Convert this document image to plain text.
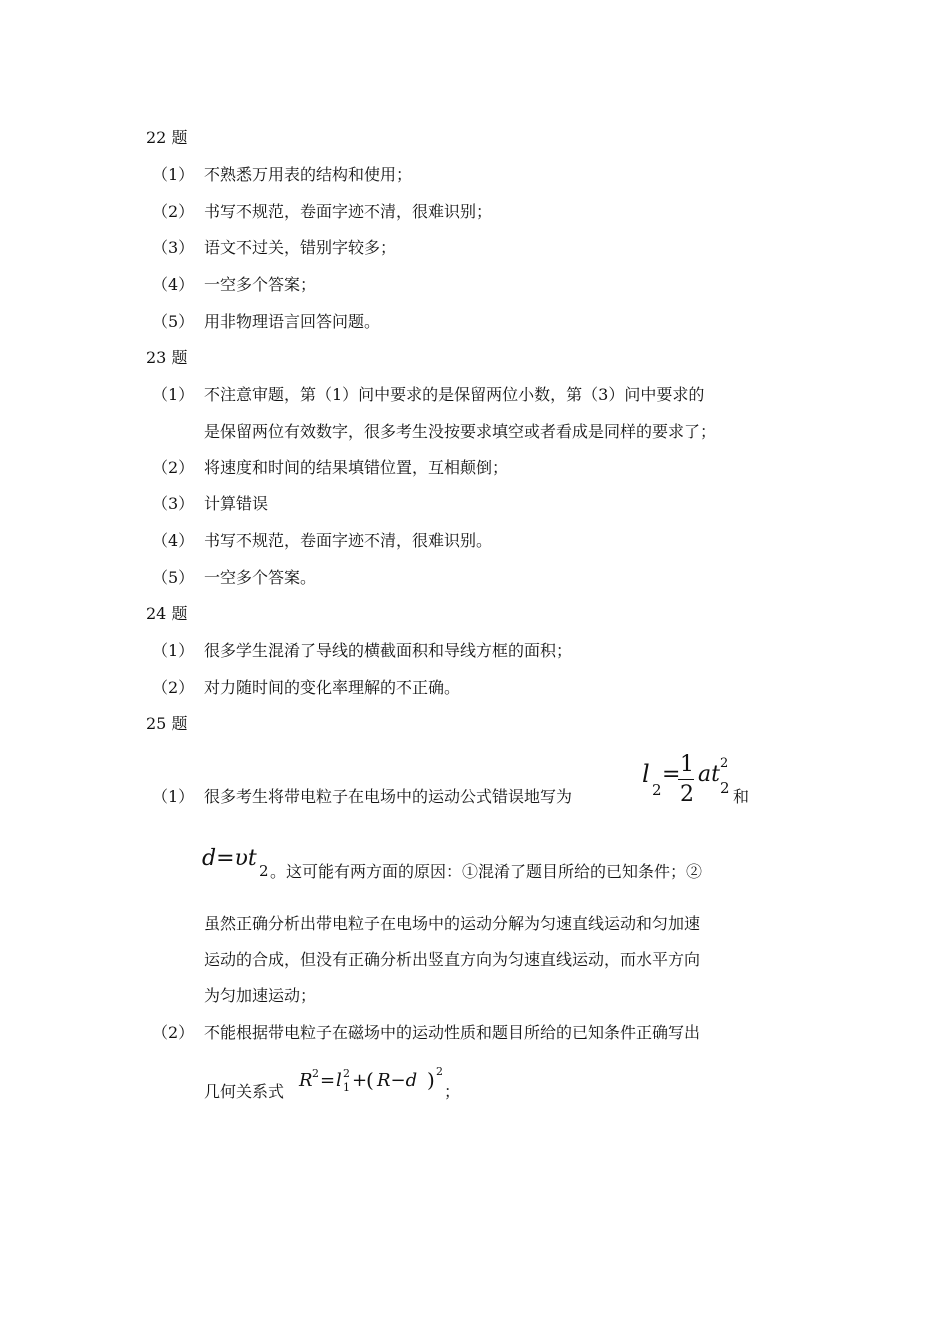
22 题
（1） 不熟悉万用表的结构和使用；
（2） 书写不规范，卷面字迹不清，很难识别；
（3） 语文不过关，错别字较多；
（4） 一空多个答案；
（5） 用非物理语言回答问题。
23 题
（1） 不注意审题，第（1）问中要求的是保留两位小数，第（3）问中要求的
是保留两位有效数字，很多考生没按要求填空或者看成是同样的要求了；
（2） 将速度和时间的结果填错位置，互相颠倒；
（3） 计算错误
（4） 书写不规范，卷面字迹不清，很难识别。
（5） 一空多个答案。
24 题
（1） 很多学生混淆了导线的横截面积和导线方框的面积；
（2） 对力随时间的变化率理解的不正确。
25 题
（1） 很多考生将带电粒子在电场中的运动公式错误地写为
l
2
= 1
2
at 2
2 和
d=υt 2 。这可能有两方面的原因：①混淆了题目所给的已知条件；②
虽然正确分析出带电粒子在电场中的运动分解为匀速直线运动和匀加速
运动的合成，但没有正确分析出竖直方向为匀速直线运动，而水平方向
为匀加速运动；
（2） 不能根据带电粒子在磁场中的运动性质和题目所给的已知条件正确写出
几何关系式
R 2 = l 2
1 +
( R−d ) 2
；
